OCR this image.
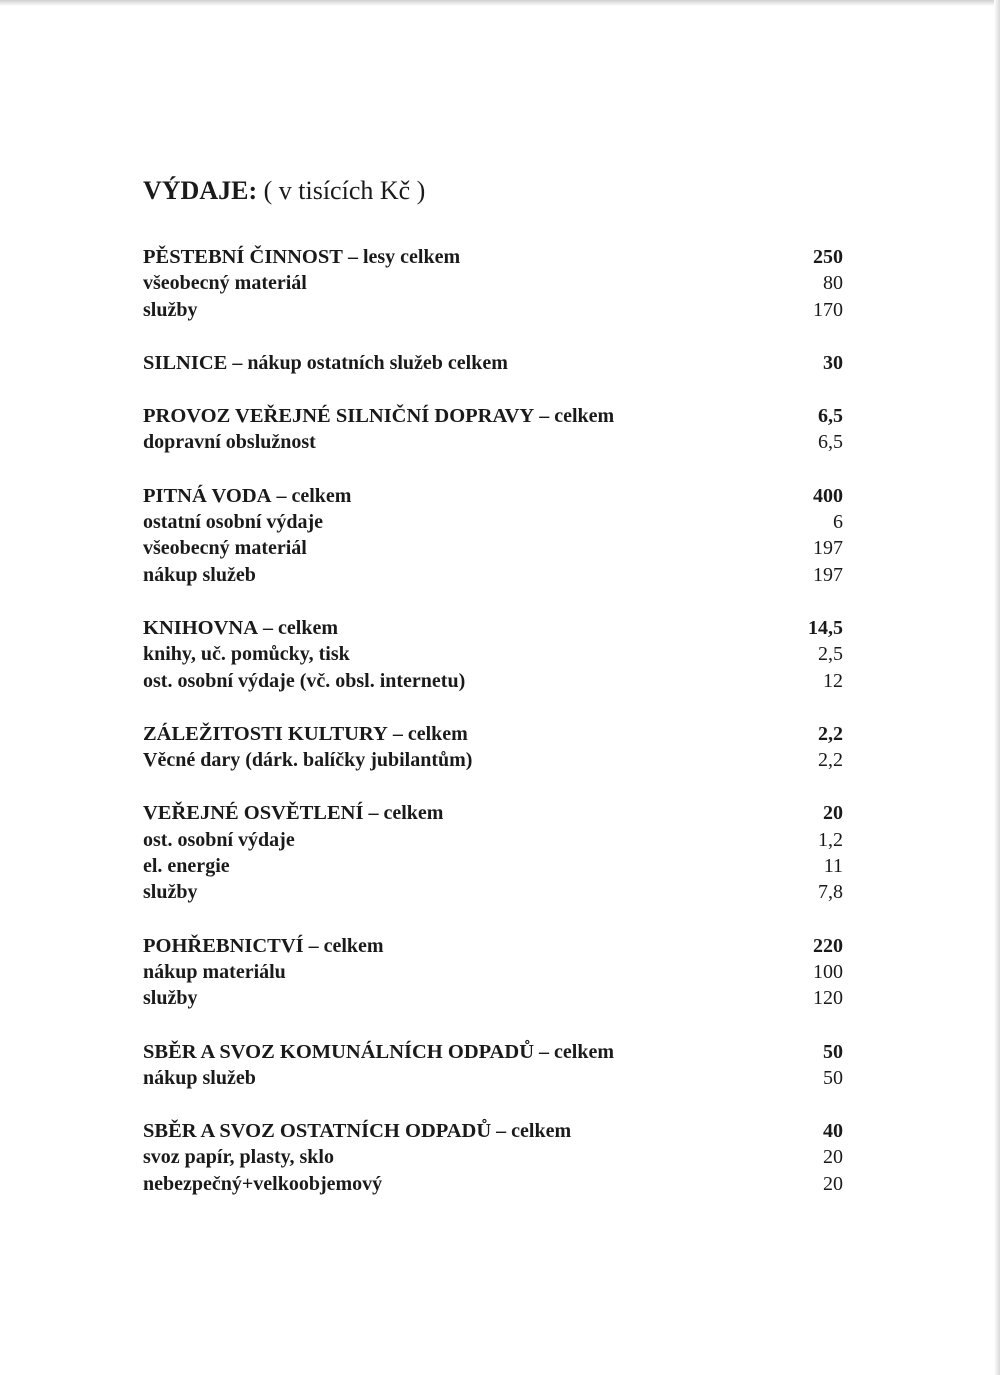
VÝDAJE: ( v tisících Kč )
PĚSTEBNÍ ČINNOST – lesy celkem	250
všeobecný materiál	80
služby	170
SILNICE – nákup ostatních služeb celkem	30
PROVOZ VEŘEJNÉ SILNIČNÍ DOPRAVY – celkem	6,5
dopravní obslužnost	6,5
PITNÁ VODA – celkem	400
ostatní osobní výdaje	6
všeobecný materiál	197
nákup služeb	197
KNIHOVNA – celkem	14,5
knihy, uč. pomůcky, tisk	2,5
ost. osobní výdaje (vč. obsl. internetu)	12
ZÁLEŽITOSTI KULTURY – celkem	2,2
Věcné dary (dárk. balíčky jubilantům)	2,2
VEŘEJNÉ OSVĚTLENÍ – celkem	20
ost. osobní výdaje	1,2
el. energie	11
služby	7,8
POHŘEBNICTVÍ – celkem	220
nákup materiálu	100
služby	120
SBĚR A SVOZ KOMUNÁLNÍCH ODPADŮ – celkem	50
nákup služeb	50
SBĚR A SVOZ OSTATNÍCH ODPADŮ – celkem	40
svoz papír, plasty, sklo	20
nebezpečný+velkoobjemový	20
